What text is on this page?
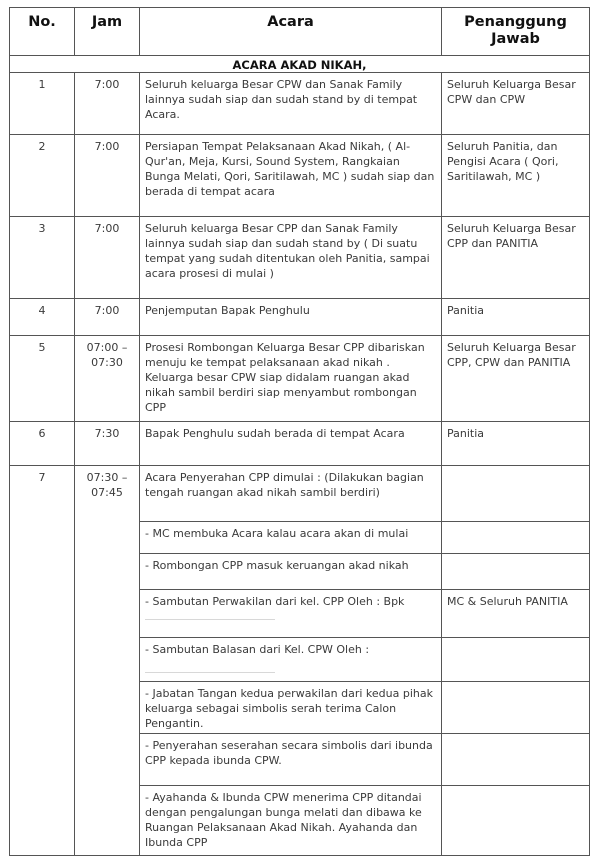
No.	Jam	Acara	Penanggung Jawab
ACARA AKAD NIKAH,			
1	7:00	Seluruh keluarga Besar CPW dan Sanak Family lainnya sudah siap dan sudah stand by di tempat Acara.	Seluruh Keluarga Besar CPW dan CPW
2	7:00	Persiapan Tempat Pelaksanaan Akad Nikah, ( Al-Qur'an, Meja, Kursi, Sound System, Rangkaian Bunga Melati, Qori, Saritilawah, MC ) sudah siap dan berada di tempat acara	Seluruh Panitia, dan Pengisi Acara ( Qori, Saritilawah, MC )
3	7:00	Seluruh keluarga Besar CPP dan Sanak Family lainnya sudah siap dan sudah stand by ( Di suatu tempat yang sudah ditentukan oleh Panitia, sampai acara prosesi di mulai )	Seluruh Keluarga Besar CPP dan PANITIA
4	7:00	Penjemputan Bapak Penghulu	Panitia
5	07:00 – 07:30	Prosesi Rombongan Keluarga Besar CPP dibariskan menuju ke tempat pelaksanaan akad nikah . Keluarga besar CPW siap didalam ruangan akad nikah sambil berdiri siap menyambut rombongan CPP	Seluruh Keluarga Besar CPP, CPW dan PANITIA
6	7:30	Bapak Penghulu sudah berada di tempat Acara	Panitia
7	07:30 – 07:45	Acara Penyerahan CPP dimulai : (Dilakukan bagian tengah ruangan akad nikah sambil berdiri)	
		- MC membuka Acara kalau acara akan di mulai	
		- Rombongan CPP masuk keruangan akad nikah	
		- Sambutan Perwakilan dari kel. CPP Oleh : Bpk	MC & Seluruh PANITIA
		- Sambutan Balasan dari Kel. CPW Oleh :

		- Jabatan Tangan kedua perwakilan dari kedua pihak keluarga sebagai simbolis serah terima Calon Pengantin.	
		- Penyerahan seserahan secara simbolis dari ibunda CPP kepada ibunda CPW.	
		- Ayahanda & Ibunda CPW menerima CPP ditandai dengan pengalungan bunga melati dan dibawa ke Ruangan Pelaksanaan Akad Nikah. Ayahanda dan Ibunda CPP	
